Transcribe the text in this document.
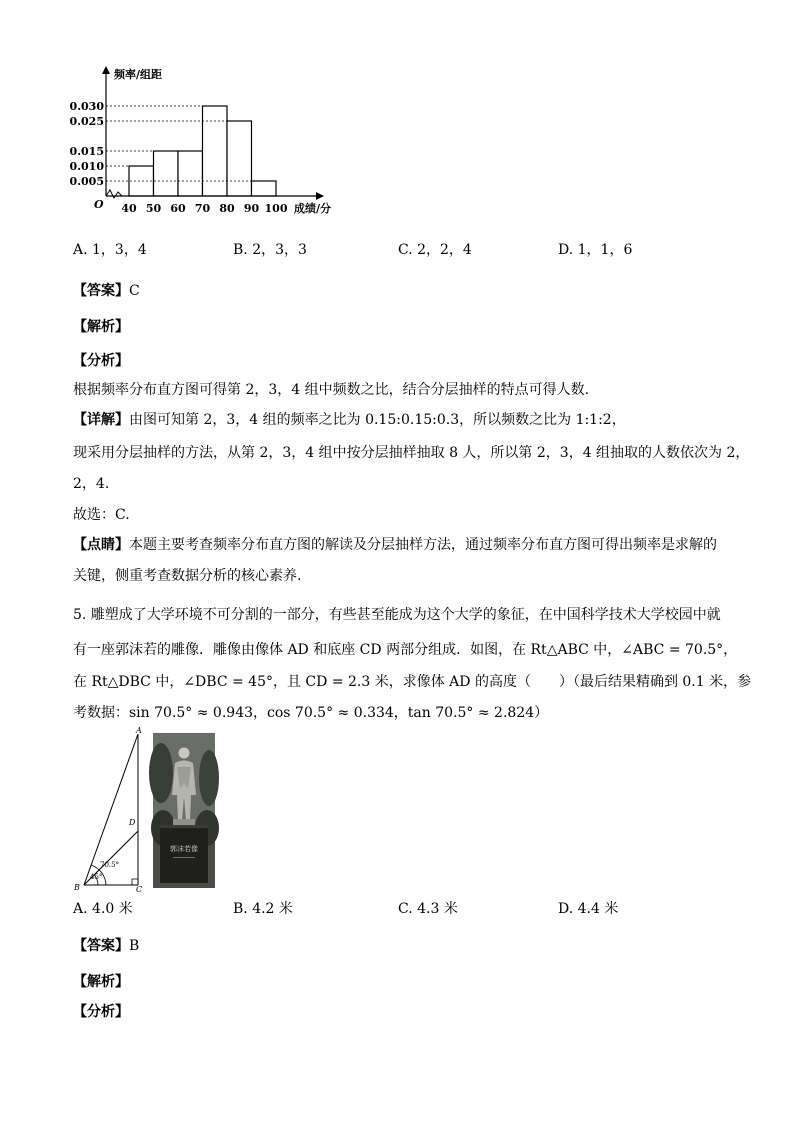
0.005
0.010
0.015
0.025
0.030
40 50 60 70 80 90 100
O
频率/组距
成绩/分
A. 1，3，4	B. 2，3，3	C. 2，2，4	D. 1，1，6
【答案】C
【解析】
【分析】
根据频率分布直方图可得第 2，3，4 组中频数之比，结合分层抽样的特点可得人数.
【详解】由图可知第 2，3，4 组的频率之比为 0.15:0.15:0.3，所以频数之比为 1:1:2，
现采用分层抽样的方法，从第 2，3，4 组中按分层抽样抽取 8 人，所以第 2，3，4 组抽取的人数依次为 2，
2，4.
故选：C.
【点睛】本题主要考查频率分布直方图的解读及分层抽样方法，通过频率分布直方图可得出频率是求解的
关键，侧重考查数据分析的核心素养.
5. 雕塑成了大学环境不可分割的一部分，有些甚至能成为这个大学的象征，在中国科学技术大学校园中就
有一座郭沫若的雕像．雕像由像体 AD 和底座 CD 两部分组成．如图，在 Rt△ABC 中，∠ABC = 70.5°，
在 Rt△DBC 中，∠DBC = 45°，且 CD = 2.3 米，求像体 AD 的高度（　　）（最后结果精确到 0.1 米，参
考数据：sin 70.5° ≈ 0.943，cos 70.5° ≈ 0.334，tan 70.5° ≈ 2.824）
A
D
B	C
70.5°
45°
郭沫若像
A. 4.0 米	B. 4.2 米	C. 4.3 米	D. 4.4 米
【答案】B
【解析】
【分析】
